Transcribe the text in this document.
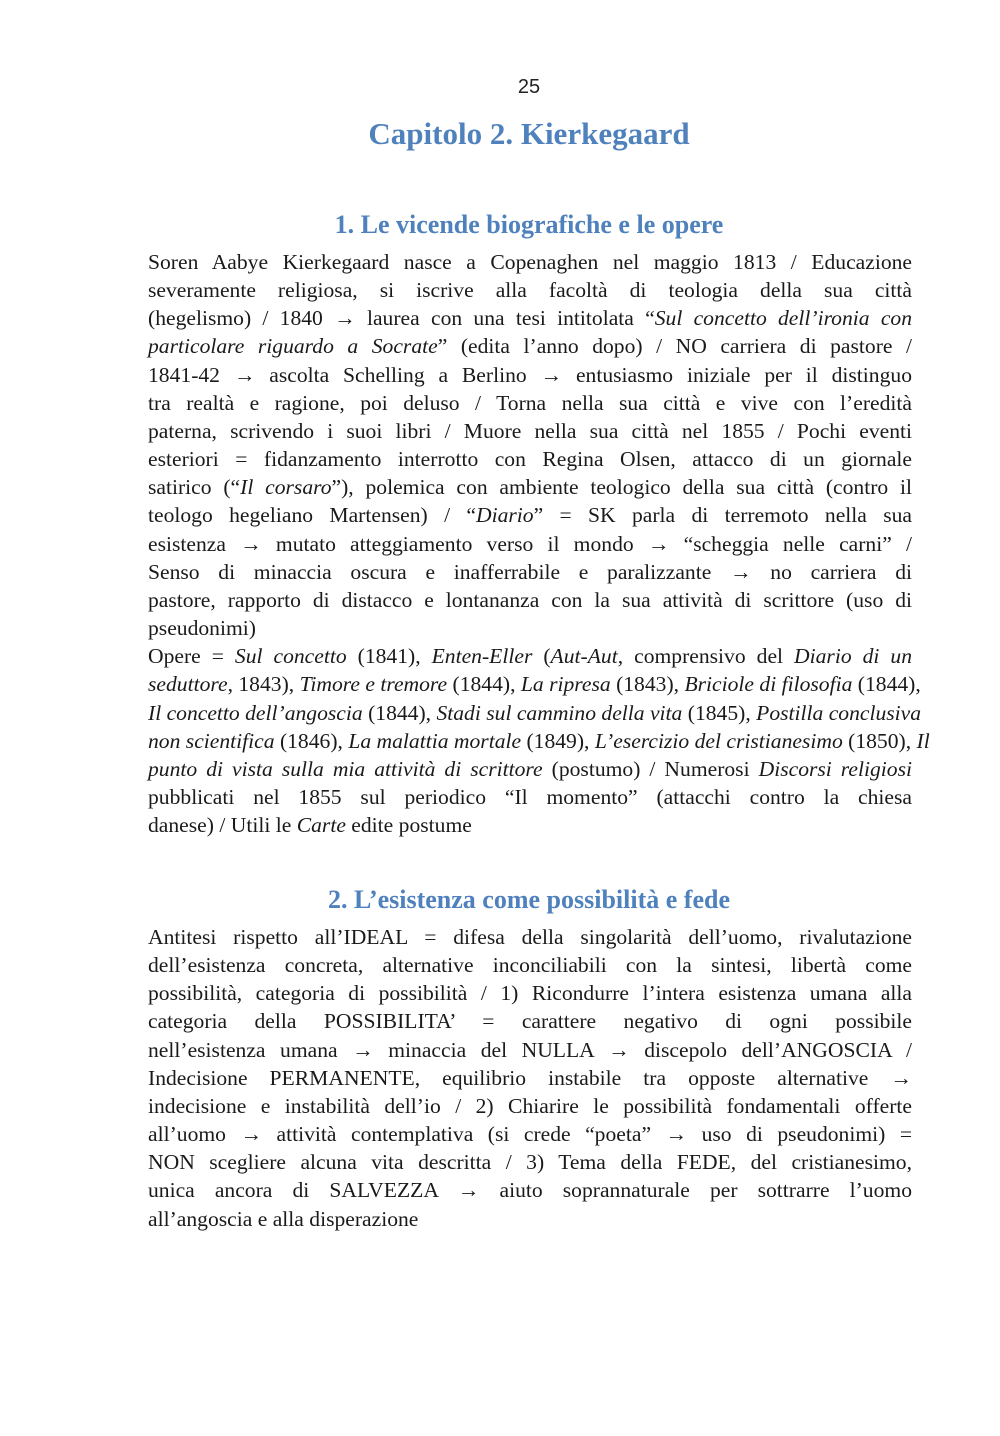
25
Capitolo 2. Kierkegaard
1. Le vicende biografiche e le opere
Soren Aabye Kierkegaard nasce a Copenaghen nel maggio 1813 / Educazione
severamente religiosa, si iscrive alla facoltà di teologia della sua città
(hegelismo) / 1840 → laurea con una tesi intitolata “Sul concetto dell’ironia con
particolare riguardo a Socrate” (edita l’anno dopo) / NO carriera di pastore /
1841-42 → ascolta Schelling a Berlino → entusiasmo iniziale per il distinguo
tra realtà e ragione, poi deluso / Torna nella sua città e vive con l’eredità
paterna, scrivendo i suoi libri / Muore nella sua città nel 1855 / Pochi eventi
esteriori = fidanzamento interrotto con Regina Olsen, attacco di un giornale
satirico (“Il corsaro”), polemica con ambiente teologico della sua città (contro il
teologo hegeliano Martensen) / “Diario” = SK parla di terremoto nella sua
esistenza → mutato atteggiamento verso il mondo → “scheggia nelle carni” /
Senso di minaccia oscura e inafferrabile e paralizzante → no carriera di
pastore, rapporto di distacco e lontananza con la sua attività di scrittore (uso di
pseudonimi)
Opere = Sul concetto (1841), Enten-Eller (Aut-Aut, comprensivo del Diario di un
seduttore, 1843), Timore e tremore (1844), La ripresa (1843), Briciole di filosofia (1844),
Il concetto dell’angoscia (1844), Stadi sul cammino della vita (1845), Postilla conclusiva
non scientifica (1846), La malattia mortale (1849), L’esercizio del cristianesimo (1850), Il
punto di vista sulla mia attività di scrittore (postumo) / Numerosi Discorsi religiosi
pubblicati nel 1855 sul periodico “Il momento” (attacchi contro la chiesa
danese) / Utili le Carte edite postume
2. L’esistenza come possibilità e fede
Antitesi rispetto all’IDEAL = difesa della singolarità dell’uomo, rivalutazione
dell’esistenza concreta, alternative inconciliabili con la sintesi, libertà come
possibilità, categoria di possibilità / 1) Ricondurre l’intera esistenza umana alla
categoria della POSSIBILITA’ = carattere negativo di ogni possibile
nell’esistenza umana → minaccia del NULLA → discepolo dell’ANGOSCIA /
Indecisione PERMANENTE, equilibrio instabile tra opposte alternative →
indecisione e instabilità dell’io / 2) Chiarire le possibilità fondamentali offerte
all’uomo → attività contemplativa (si crede “poeta” → uso di pseudonimi) =
NON scegliere alcuna vita descritta / 3) Tema della FEDE, del cristianesimo,
unica ancora di SALVEZZA → aiuto soprannaturale per sottrarre l’uomo
all’angoscia e alla disperazione
